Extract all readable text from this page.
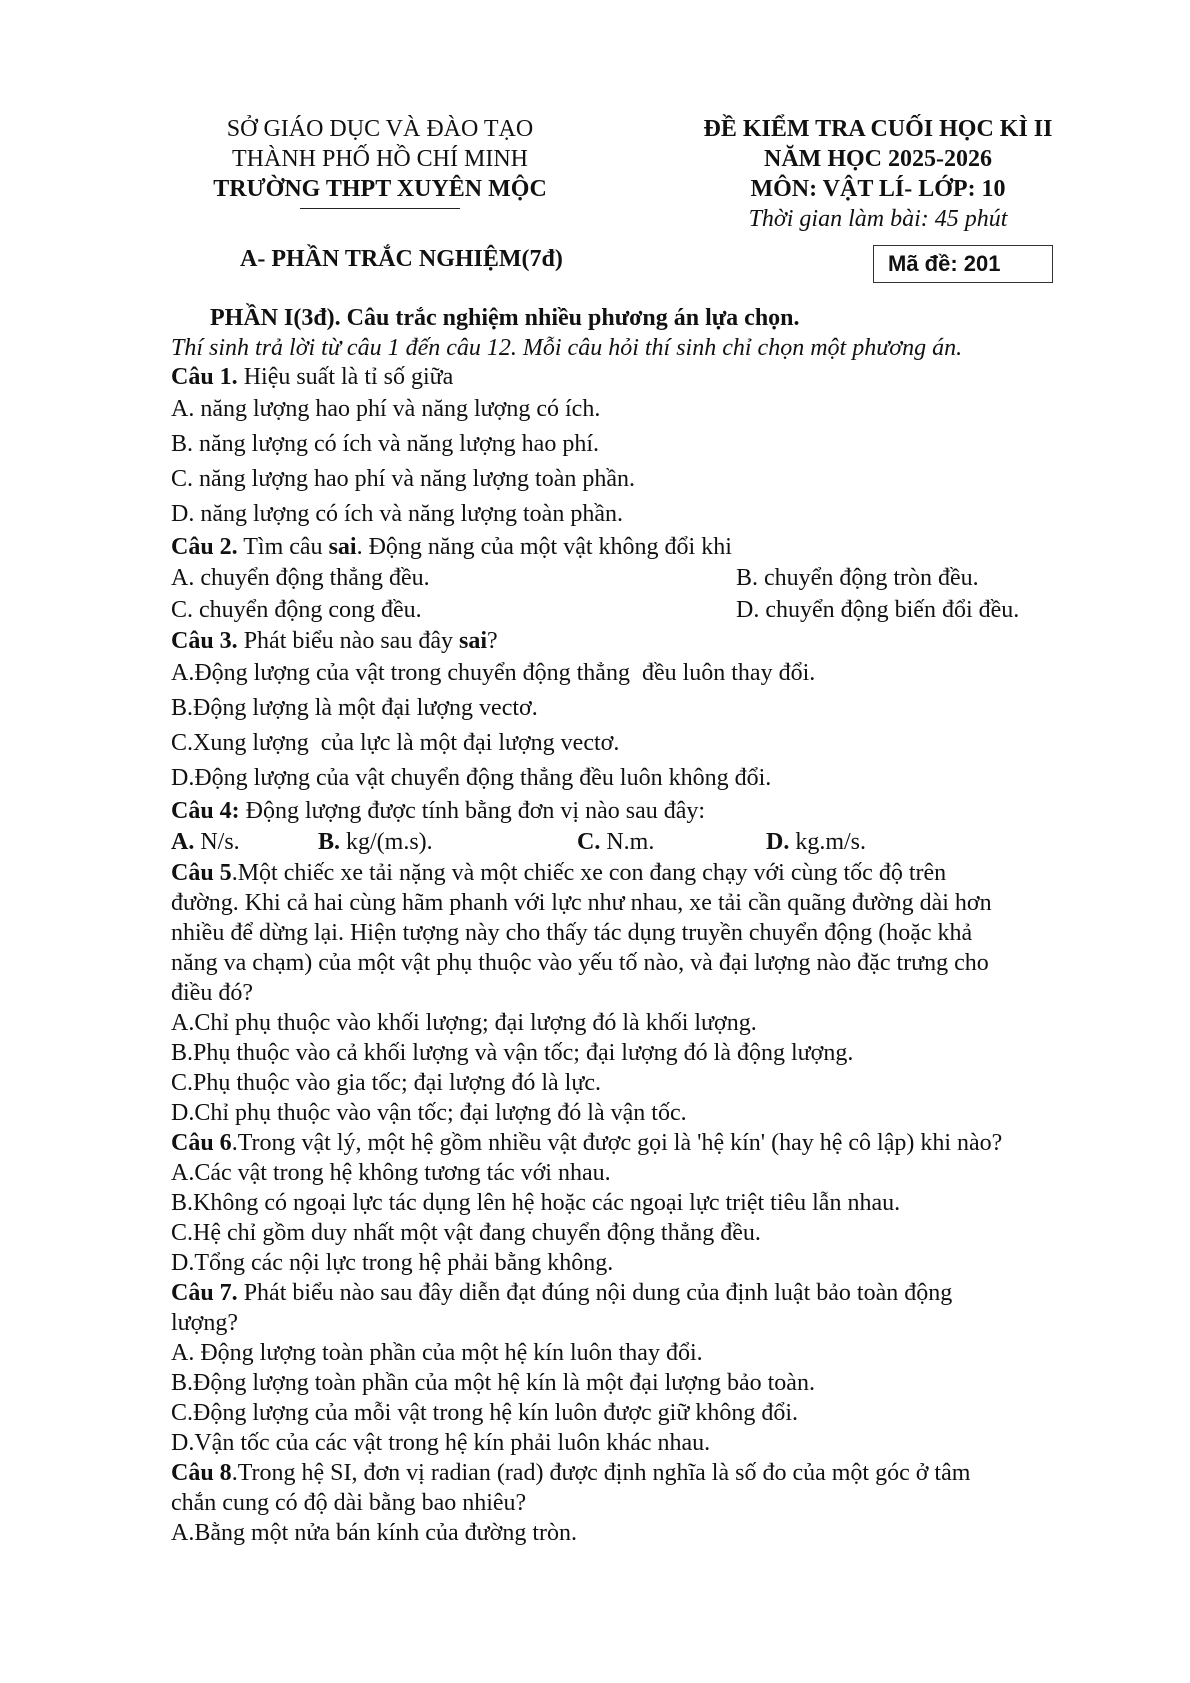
SỞ GIÁO DỤC VÀ ĐÀO TẠO
THÀNH PHỐ HỒ CHÍ MINH
TRƯỜNG THPT XUYÊN MỘC
ĐỀ KIỂM TRA CUỐI HỌC KÌ II
NĂM HỌC 2025-2026
MÔN: VẬT LÍ- LỚP: 10
Thời gian làm bài: 45 phút
A- PHẦN TRẮC NGHIỆM(7đ)	Mã đề: 201
PHẦN I(3đ). Câu trắc nghiệm nhiều phương án lựa chọn.
Thí sinh trả lời từ câu 1 đến câu 12. Mỗi câu hỏi thí sinh chỉ chọn một phương án.
Câu 1. Hiệu suất là tỉ số giữa
A. năng lượng hao phí và năng lượng có ích.
B. năng lượng có ích và năng lượng hao phí.
C. năng lượng hao phí và năng lượng toàn phần.
D. năng lượng có ích và năng lượng toàn phần.
Câu 2. Tìm câu sai. Động năng của một vật không đổi khi
A. chuyển động thẳng đều.	B. chuyển động tròn đều.
C. chuyển động cong đều.	D. chuyển động biến đổi đều.
Câu 3. Phát biểu nào sau đây sai?
A.Động lượng của vật trong chuyển động thẳng  đều luôn thay đổi.
B.Động lượng là một đại lượng vectơ.
C.Xung lượng  của lực là một đại lượng vectơ.
D.Động lượng của vật chuyển động thẳng đều luôn không đổi.
Câu 4: Động lượng được tính bằng đơn vị nào sau đây:
A. N/s.	B. kg/(m.s).	C. N.m.	D. kg.m/s.
Câu 5.Một chiếc xe tải nặng và một chiếc xe con đang chạy với cùng tốc độ trên
đường. Khi cả hai cùng hãm phanh với lực như nhau, xe tải cần quãng đường dài hơn
nhiều để dừng lại. Hiện tượng này cho thấy tác dụng truyền chuyển động (hoặc khả
năng va chạm) của một vật phụ thuộc vào yếu tố nào, và đại lượng nào đặc trưng cho
điều đó?
A.Chỉ phụ thuộc vào khối lượng; đại lượng đó là khối lượng.
B.Phụ thuộc vào cả khối lượng và vận tốc; đại lượng đó là động lượng.
C.Phụ thuộc vào gia tốc; đại lượng đó là lực.
D.Chỉ phụ thuộc vào vận tốc; đại lượng đó là vận tốc.
Câu 6.Trong vật lý, một hệ gồm nhiều vật được gọi là 'hệ kín' (hay hệ cô lập) khi nào?
A.Các vật trong hệ không tương tác với nhau.
B.Không có ngoại lực tác dụng lên hệ hoặc các ngoại lực triệt tiêu lẫn nhau.
C.Hệ chỉ gồm duy nhất một vật đang chuyển động thẳng đều.
D.Tổng các nội lực trong hệ phải bằng không.
Câu 7. Phát biểu nào sau đây diễn đạt đúng nội dung của định luật bảo toàn động
lượng?
A. Động lượng toàn phần của một hệ kín luôn thay đổi.
B.Động lượng toàn phần của một hệ kín là một đại lượng bảo toàn.
C.Động lượng của mỗi vật trong hệ kín luôn được giữ không đổi.
D.Vận tốc của các vật trong hệ kín phải luôn khác nhau.
Câu 8.Trong hệ SI, đơn vị radian (rad) được định nghĩa là số đo của một góc ở tâm
chắn cung có độ dài bằng bao nhiêu?
A.Bằng một nửa bán kính của đường tròn.
